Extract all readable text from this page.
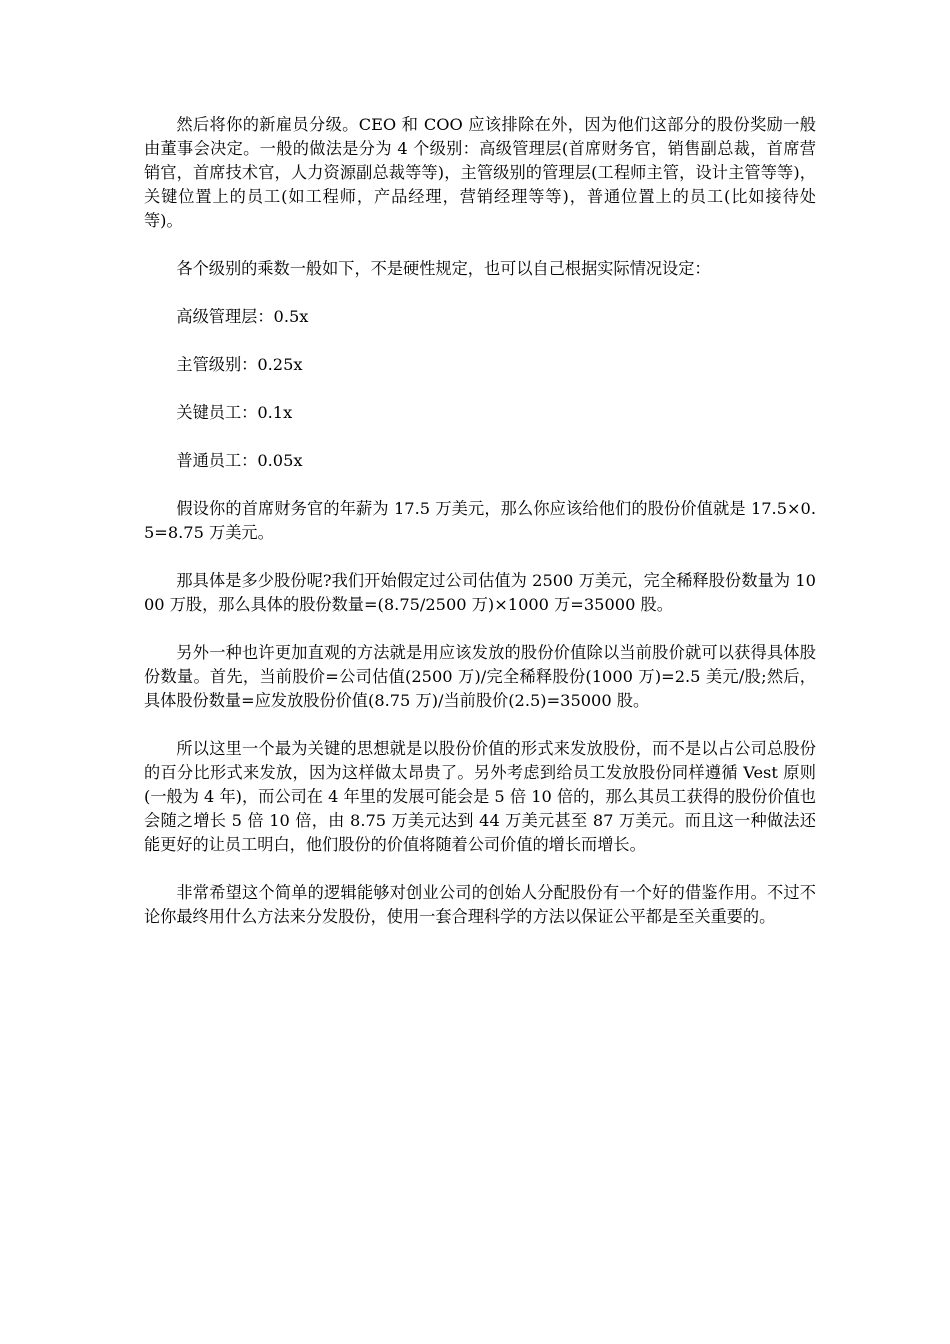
然后将你的新雇员分级。CEO 和 COO 应该排除在外，因为他们这部分的股份奖励一般由董事会决定。一般的做法是分为 4 个级别：高级管理层(首席财务官，销售副总裁，首席营销官，首席技术官，人力资源副总裁等等)，主管级别的管理层(工程师主管，设计主管等等)，关键位置上的员工(如工程师，产品经理，营销经理等等)，普通位置上的员工(比如接待处等)。

各个级别的乘数一般如下，不是硬性规定，也可以自己根据实际情况设定：

高级管理层：0.5x

主管级别：0.25x

关键员工：0.1x

普通员工：0.05x

假设你的首席财务官的年薪为 17.5 万美元，那么你应该给他们的股份价值就是 17.5×0.5=8.75 万美元。

那具体是多少股份呢?我们开始假定过公司估值为 2500 万美元，完全稀释股份数量为 1000 万股，那么具体的股份数量=(8.75/2500 万)×1000 万=35000 股。

另外一种也许更加直观的方法就是用应该发放的股份价值除以当前股价就可以获得具体股份数量。首先，当前股价=公司估值(2500 万)/完全稀释股份(1000 万)=2.5 美元/股;然后，具体股份数量=应发放股份价值(8.75 万)/当前股价(2.5)=35000 股。

所以这里一个最为关键的思想就是以股份价值的形式来发放股份，而不是以占公司总股份的百分比形式来发放，因为这样做太昂贵了。另外考虑到给员工发放股份同样遵循 Vest 原则(一般为 4 年)，而公司在 4 年里的发展可能会是 5 倍 10 倍的，那么其员工获得的股份价值也会随之增长 5 倍 10 倍，由 8.75 万美元达到 44 万美元甚至 87 万美元。而且这一种做法还能更好的让员工明白，他们股份的价值将随着公司价值的增长而增长。

非常希望这个简单的逻辑能够对创业公司的创始人分配股份有一个好的借鉴作用。不过不论你最终用什么方法来分发股份，使用一套合理科学的方法以保证公平都是至关重要的。
